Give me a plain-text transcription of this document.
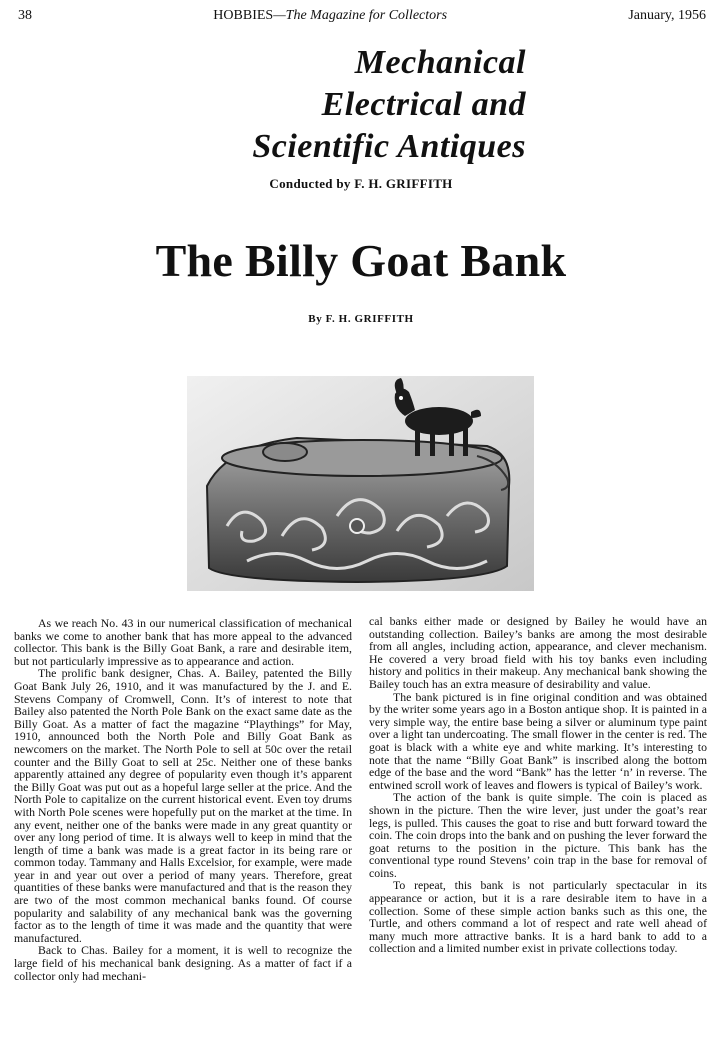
38	HOBBIES—The Magazine for Collectors	January, 1956
Mechanical
Electrical and
Scientific Antiques
Conducted by F. H. GRIFFITH
The Billy Goat Bank
By F. H. GRIFFITH

As we reach No. 43 in our numerical classification of mechanical banks we come to another bank that has more appeal to the advanced collector. This bank is the Billy Goat Bank, a rare and desirable item, but not particularly impressive as to appearance and action.

The prolific bank designer, Chas. A. Bailey, patented the Billy Goat Bank July 26, 1910, and it was manufactured by the J. and E. Stevens Company of Cromwell, Conn. It’s of interest to note that Bailey also patented the North Pole Bank on the exact same date as the Billy Goat. As a matter of fact the magazine “Playthings” for May, 1910, announced both the North Pole and Billy Goat Bank as newcomers on the market. The North Pole to sell at 50c over the retail counter and the Billy Goat to sell at 25c. Neither one of these banks apparently attained any degree of popularity even though it’s apparent the Billy Goat was put out as a hopeful large seller at the price. And the North Pole to capitalize on the current historical event. Even toy drums with North Pole scenes were hopefully put on the market at the time. In any event, neither one of the banks were made in any great quantity or over any long period of time. It is always well to keep in mind that the length of time a bank was made is a great factor in its being rare or common today. Tammany and Halls Excelsior, for example, were made year in and year out over a period of many years. Therefore, great quantities of these banks were manufactured and that is the reason they are two of the most common mechanical banks found. Of course popularity and salability of any mechanical bank was the governing factor as to the length of time it was made and the quantity that were manufactured.

Back to Chas. Bailey for a moment, it is well to recognize the large field of his mechanical bank designing. As a matter of fact if a collector only had mechani-

cal banks either made or designed by Bailey he would have an outstanding collection. Bailey’s banks are among the most desirable from all angles, including action, appearance, and clever mechanism. He covered a very broad field with his toy banks even including history and politics in their makeup. Any mechanical bank showing the Bailey touch has an extra measure of desirability and value.

The bank pictured is in fine original condition and was obtained by the writer some years ago in a Boston antique shop. It is painted in a very simple way, the entire base being a silver or aluminum type paint over a light tan undercoating. The small flower in the center is red. The goat is black with a white eye and white marking. It’s interesting to note that the name “Billy Goat Bank” is inscribed along the bottom edge of the base and the word “Bank” has the letter ‘n’ in reverse. The entwined scroll work of leaves and flowers is typical of Bailey’s work.

The action of the bank is quite simple. The coin is placed as shown in the picture. Then the wire lever, just under the goat’s rear legs, is pulled. This causes the goat to rise and butt forward toward the coin. The coin drops into the bank and on pushing the lever forward the goat returns to the position in the picture. This bank has the conventional type round Stevens’ coin trap in the base for removal of coins.

To repeat, this bank is not particularly spectacular in its appearance or action, but it is a rare desirable item to have in a collection. Some of these simple action banks such as this one, the Turtle, and others command a lot of respect and rate well ahead of many much more attractive banks. It is a hard bank to add to a collection and a limited number exist in private collections today.
